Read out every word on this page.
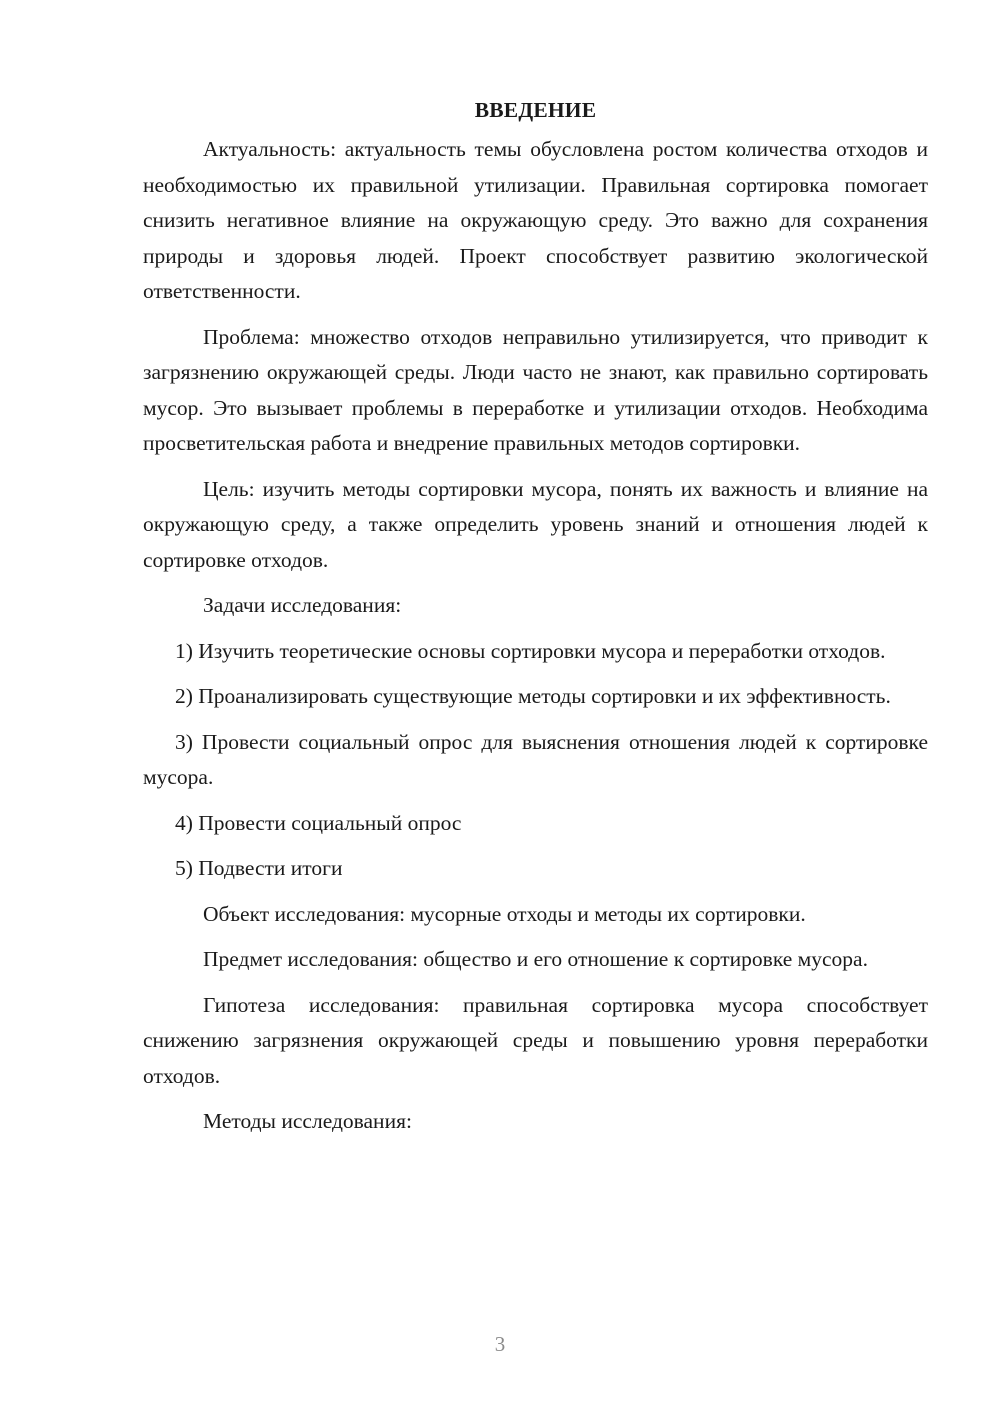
ВВЕДЕНИЕ

Актуальность: актуальность темы обусловлена ростом количества отходов и необходимостью их правильной утилизации. Правильная сортировка помогает снизить негативное влияние на окружающую среду. Это важно для сохранения природы и здоровья людей. Проект способствует развитию экологической ответственности.

Проблема: множество отходов неправильно утилизируется, что приводит к загрязнению окружающей среды. Люди часто не знают, как правильно сортировать мусор. Это вызывает проблемы в переработке и утилизации отходов. Необходима просветительская работа и внедрение правильных методов сортировки.

Цель: изучить методы сортировки мусора, понять их важность и влияние на окружающую среду, а также определить уровень знаний и отношения людей к сортировке отходов.

Задачи исследования:

1) Изучить теоретические основы сортировки мусора и переработки отходов.

2) Проанализировать существующие методы сортировки и их эффективность.

3) Провести социальный опрос для выяснения отношения людей к сортировке мусора.

4) Провести социальный опрос

5) Подвести итоги

Объект исследования: мусорные отходы и методы их сортировки.

Предмет исследования: общество и его отношение к сортировке мусора.

Гипотеза исследования: правильная сортировка мусора способствует снижению загрязнения окружающей среды и повышению уровня переработки отходов.

Методы исследования:

3
